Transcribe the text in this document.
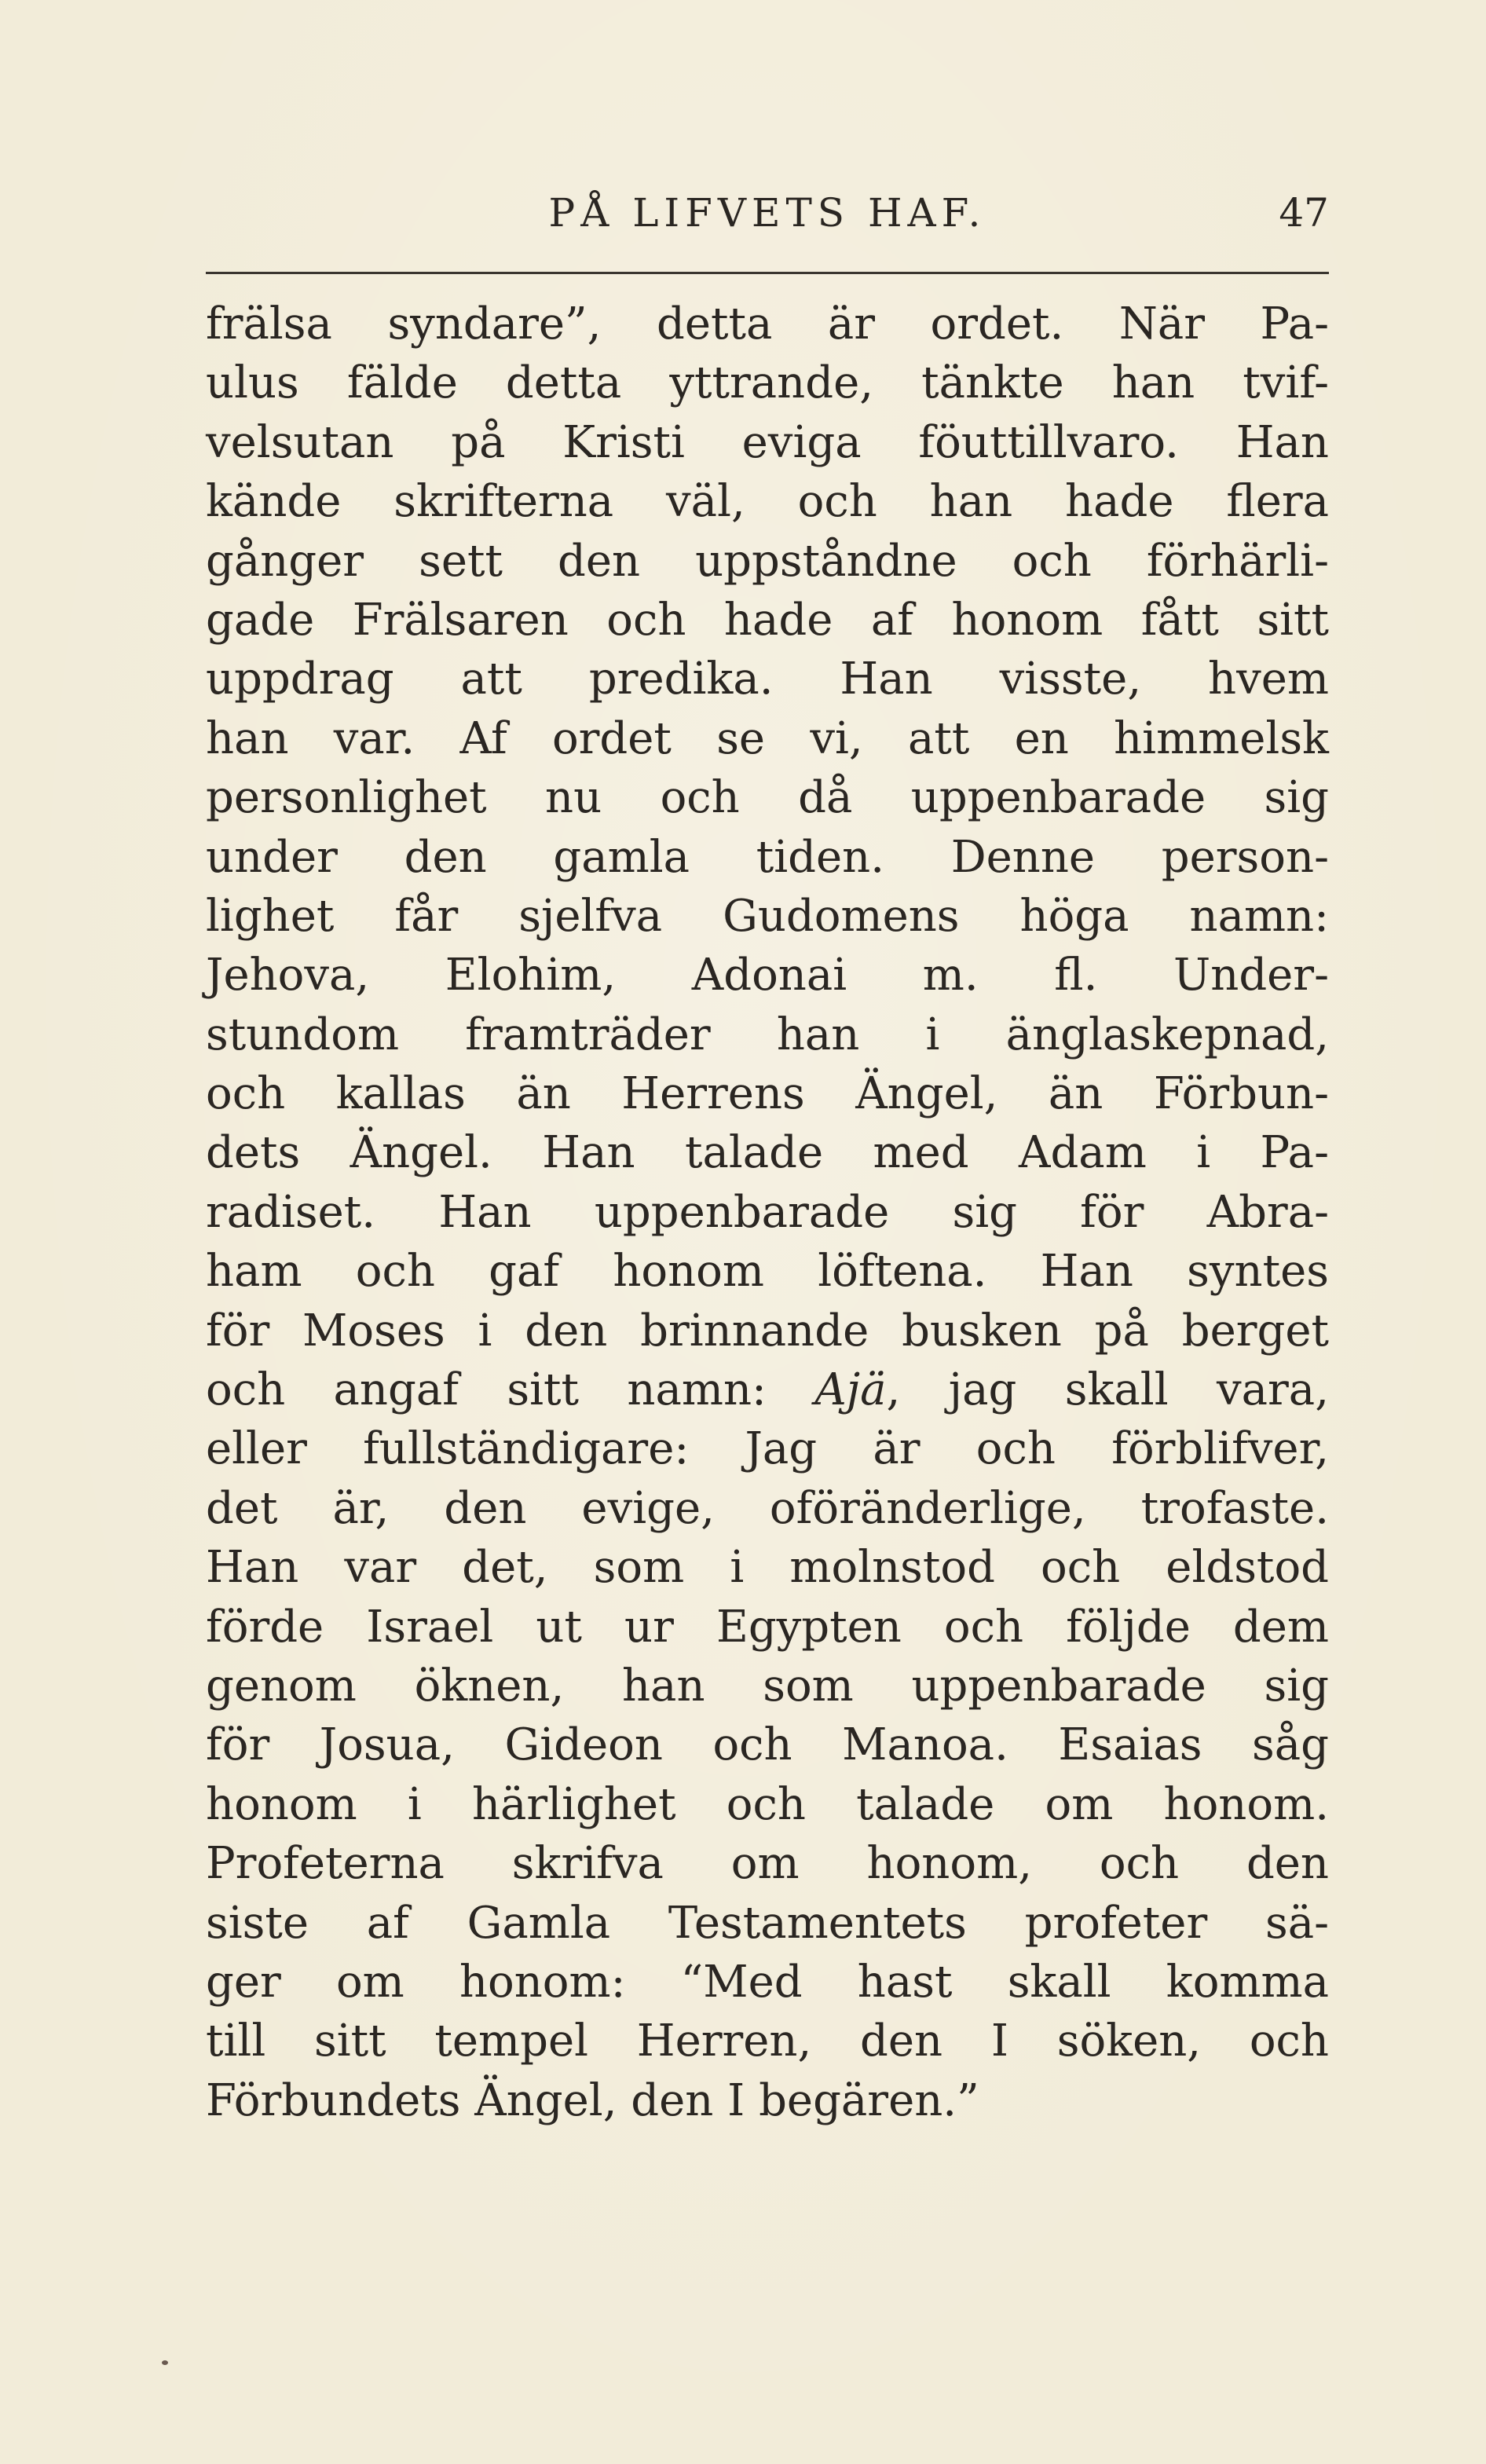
PÅ LIFVETS HAF.	47
frälsa syndare”, detta är ordet. När Pa-
ulus fälde detta yttrande, tänkte han tvif-
velsutan på Kristi eviga föuttillvaro. Han
kände skrifterna väl, och han hade flera
gånger sett den uppståndne och förhärli-
gade Frälsaren och hade af honom fått sitt
uppdrag att predika. Han visste, hvem
han var. Af ordet se vi, att en himmelsk
personlighet nu och då uppenbarade sig
under den gamla tiden. Denne person-
lighet får sjelfva Gudomens höga namn:
Jehova, Elohim, Adonai m. fl. Under-
stundom framträder han i änglaskepnad,
och kallas än Herrens Ängel, än Förbun-
dets Ängel. Han talade med Adam i Pa-
radiset. Han uppenbarade sig för Abra-
ham och gaf honom löftena. Han syntes
för Moses i den brinnande busken på berget
och angaf sitt namn: Ajä, jag skall vara,
eller fullständigare: Jag är och förblifver,
det är, den evige, oföränderlige, trofaste.
Han var det, som i molnstod och eldstod
förde Israel ut ur Egypten och följde dem
genom öknen, han som uppenbarade sig
för Josua, Gideon och Manoa. Esaias såg
honom i härlighet och talade om honom.
Profeterna skrifva om honom, och den
siste af Gamla Testamentets profeter sä-
ger om honom: “Med hast skall komma
till sitt tempel Herren, den I söken, och
Förbundets Ängel, den I begären.”
